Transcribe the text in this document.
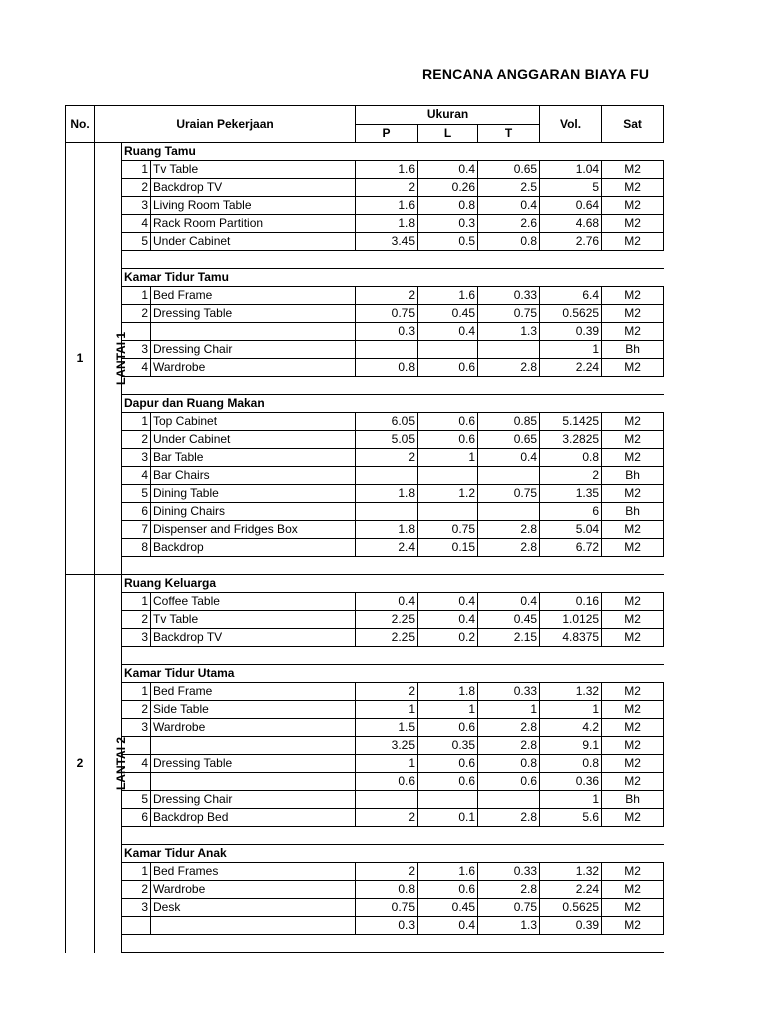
RENCANA ANGGARAN BIAYA FU
No.	Uraian Pekerjaan			Ukuran			Vol.	Sat
				P	L	T		
1	LANTAI 1	Ruang Tamu						
		1	Tv Table	1.6	0.4	0.65	1.04	M2
		2	Backdrop TV	2	0.26	2.5	5	M2
		3	Living Room Table	1.6	0.8	0.4	0.64	M2
		4	Rack Room Partition	1.8	0.3	2.6	4.68	M2
		5	Under Cabinet	3.45	0.5	0.8	2.76	M2

		Kamar Tidur Tamu						
		1	Bed Frame	2	1.6	0.33	6.4	M2
		2	Dressing Table	0.75	0.45	0.75	0.5625	M2
				0.3	0.4	1.3	0.39	M2
		3	Dressing Chair				1	Bh
		4	Wardrobe	0.8	0.6	2.8	2.24	M2

		Dapur dan Ruang Makan						
		1	Top Cabinet	6.05	0.6	0.85	5.1425	M2
		2	Under Cabinet	5.05	0.6	0.65	3.2825	M2
		3	Bar Table	2	1	0.4	0.8	M2
		4	Bar Chairs				2	Bh
		5	Dining Table	1.8	1.2	0.75	1.35	M2
		6	Dining Chairs				6	Bh
		7	Dispenser and Fridges Box	1.8	0.75	2.8	5.04	M2
		8	Backdrop	2.4	0.15	2.8	6.72	M2

2	LANTAI 2	Ruang Keluarga						
		1	Coffee Table	0.4	0.4	0.4	0.16	M2
		2	Tv Table	2.25	0.4	0.45	1.0125	M2
		3	Backdrop TV	2.25	0.2	2.15	4.8375	M2

		Kamar Tidur Utama						
		1	Bed Frame	2	1.8	0.33	1.32	M2
		2	Side Table	1	1	1	1	M2
		3	Wardrobe	1.5	0.6	2.8	4.2	M2
				3.25	0.35	2.8	9.1	M2
		4	Dressing Table	1	0.6	0.8	0.8	M2
				0.6	0.6	0.6	0.36	M2
		5	Dressing Chair				1	Bh
		6	Backdrop Bed	2	0.1	2.8	5.6	M2

		Kamar Tidur Anak						
		1	Bed Frames	2	1.6	0.33	1.32	M2
		2	Wardrobe	0.8	0.6	2.8	2.24	M2
		3	Desk	0.75	0.45	0.75	0.5625	M2
				0.3	0.4	1.3	0.39	M2
